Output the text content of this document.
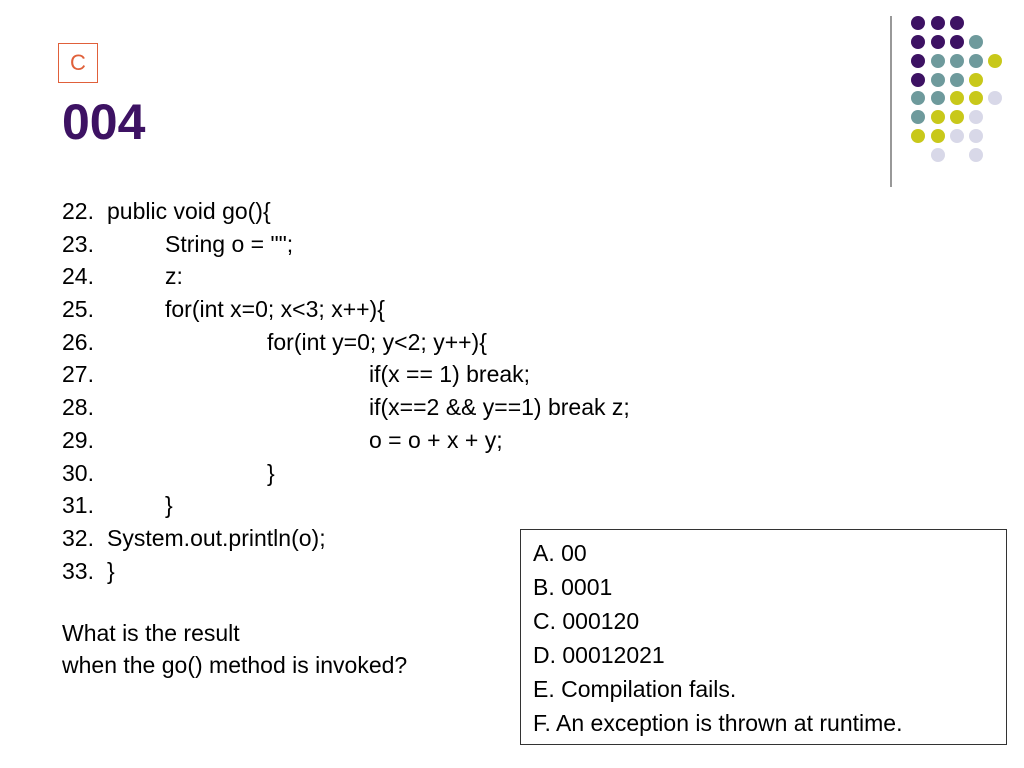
C
004
22. public void go(){
23.	String o = "";
24.	z:
25.	for(int x=0; x<3; x++){
26.	for(int y=0; y<2; y++){
27.	if(x == 1) break;
28.	if(x==2 && y==1) break z;
29.	o = o + x + y;
30.	}
31.	}
32. System.out.println(o);
33. }
What is the result
when the go() method is invoked?
A. 00
B. 0001
C. 000120
D. 00012021
E. Compilation fails.
F. An exception is thrown at runtime.
